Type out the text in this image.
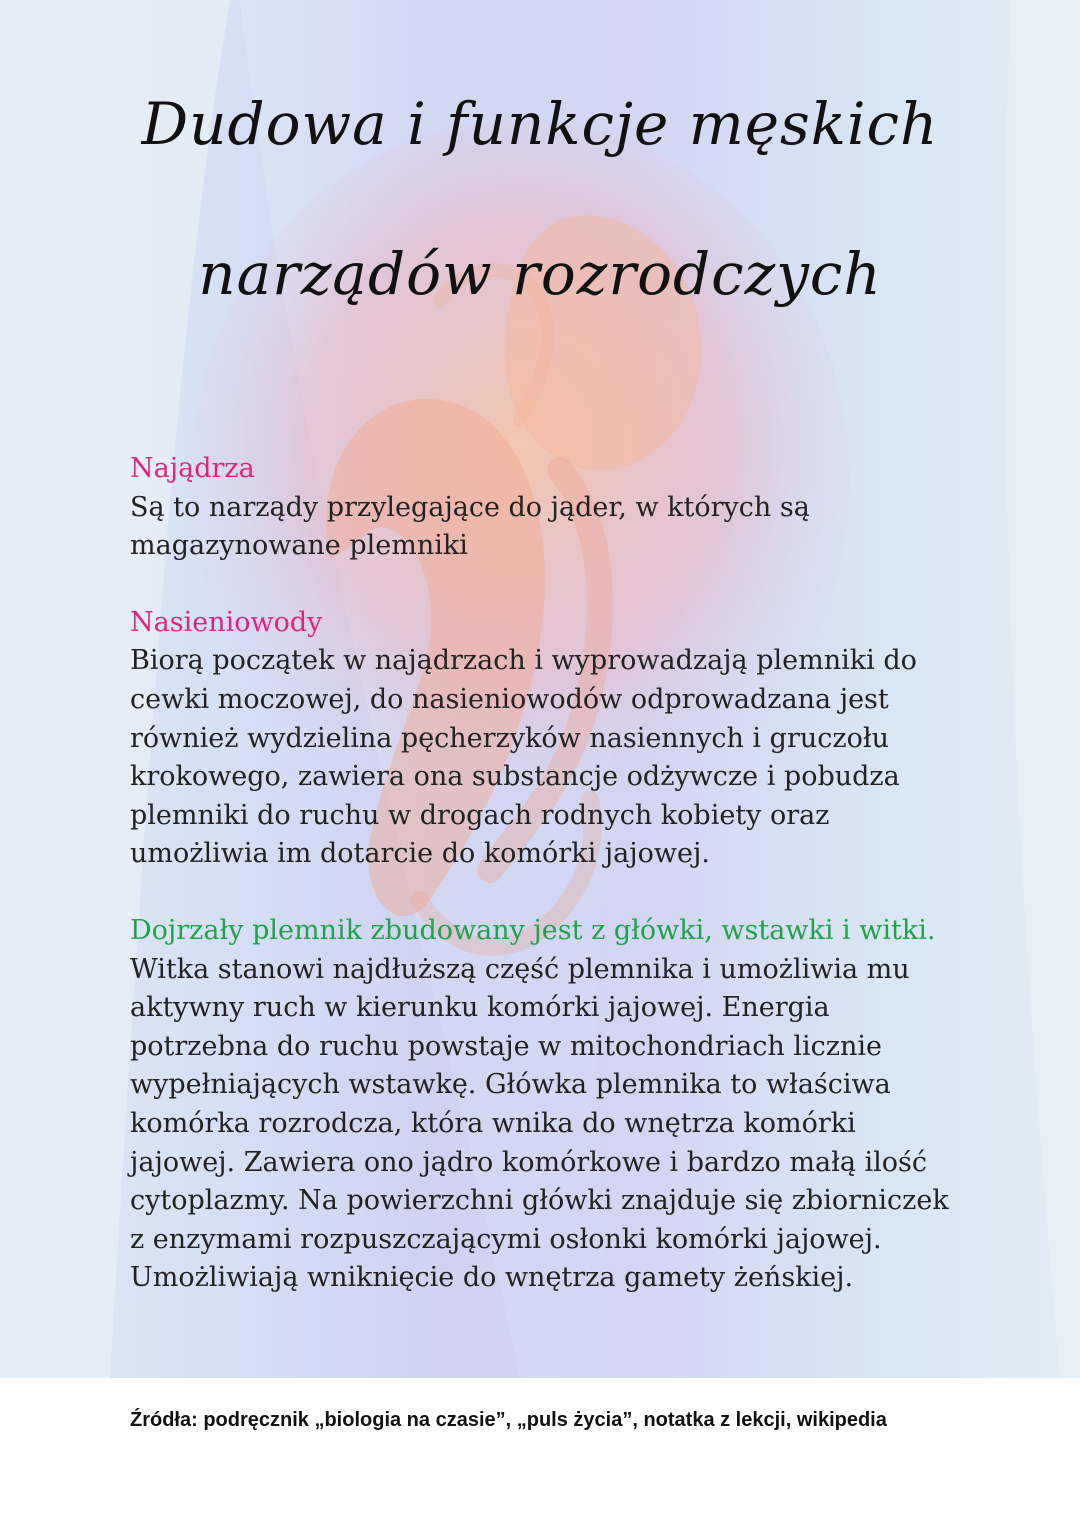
Dudowa i funkcje męskich
narządów rozrodczych
Najądrza
Są to narządy przylegające do jąder, w których są magazynowane plemniki
Nasieniowody
Biorą początek w najądrzach i wyprowadzają plemniki do cewki moczowej, do nasieniowodów odprowadzana jest również wydzielina pęcherzyków nasiennych i gruczołu krokowego, zawiera ona substancje odżywcze i pobudza plemniki do ruchu w drogach rodnych kobiety oraz umożliwia im dotarcie do komórki jajowej.
Dojrzały plemnik zbudowany jest z główki, wstawki i witki. Witka stanowi najdłuższą część plemnika i umożliwia mu aktywny ruch w kierunku komórki jajowej. Energia potrzebna do ruchu powstaje w mitochondriach licznie wypełniających wstawkę. Główka plemnika to właściwa komórka rozrodcza, która wnika do wnętrza komórki jajowej. Zawiera ono jądro komórkowe i bardzo małą ilość cytoplazmy. Na powierzchni główki znajduje się zbiorniczek z enzymami rozpuszczającymi osłonki komórki jajowej. Umożliwiają wniknięcie do wnętrza gamety żeńskiej.
Źródła: podręcznik „biologia na czasie”, „puls życia”, notatka z lekcji, wikipedia
